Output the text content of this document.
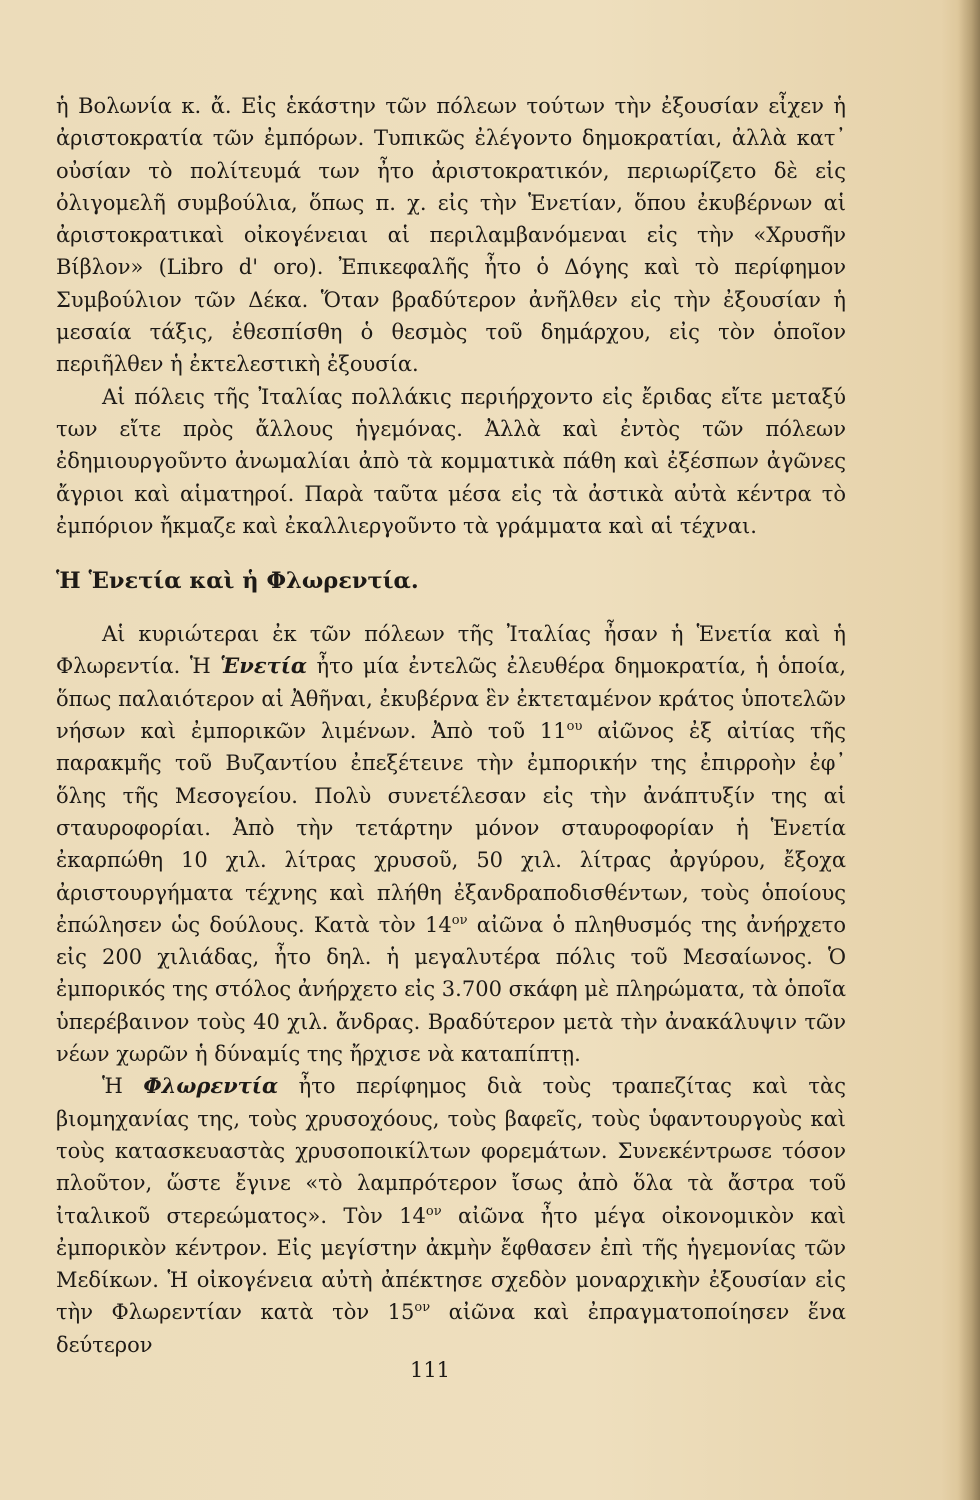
ἡ Βολωνία κ. ἄ. Εἰς ἑκάστην τῶν πόλεων τούτων τὴν ἐξουσίαν εἶχεν ἡ ἀριστοκρατία τῶν ἐμπόρων. Τυπικῶς ἐλέγοντο δημοκρατίαι, ἀλλὰ κατ᾽ οὐσίαν τὸ πολίτευμά των ἦτο ἀριστοκρατικόν, περιωρίζετο δὲ εἰς ὀλιγομελῆ συμβούλια, ὅπως π. χ. εἰς τὴν Ἑνετίαν, ὅπου ἐκυβέρνων αἱ ἀριστοκρατικαὶ οἰκογένειαι αἱ περιλαμβανόμεναι εἰς τὴν «Χρυσῆν Βίβλον» (Libro d' oro). Ἐπικεφαλῆς ἦτο ὁ Δόγης καὶ τὸ περίφημον Συμβούλιον τῶν Δέκα. Ὅταν βραδύτερον ἀνῆλθεν εἰς τὴν ἐξουσίαν ἡ μεσαία τάξις, ἐθεσπίσθη ὁ θεσμὸς τοῦ δημάρχου, εἰς τὸν ὁποῖον περιῆλθεν ἡ ἐκτελεστικὴ ἐξουσία.

Αἱ πόλεις τῆς Ἰταλίας πολλάκις περιήρχοντο εἰς ἔριδας εἴτε μεταξύ των εἴτε πρὸς ἄλλους ἡγεμόνας. Ἀλλὰ καὶ ἐντὸς τῶν πόλεων ἐδημιουργοῦντο ἀνωμαλίαι ἀπὸ τὰ κομματικὰ πάθη καὶ ἐξέσπων ἀγῶνες ἄγριοι καὶ αἱματηροί. Παρὰ ταῦτα μέσα εἰς τὰ ἀστικὰ αὐτὰ κέντρα τὸ ἐμπόριον ἤκμαζε καὶ ἐκαλλιεργοῦντο τὰ γράμματα καὶ αἱ τέχναι.

Ἡ Ἑνετία καὶ ἡ Φλωρεντία.

Αἱ κυριώτεραι ἐκ τῶν πόλεων τῆς Ἰταλίας ἦσαν ἡ Ἑνετία καὶ ἡ Φλωρεντία. Ἡ Ἑνετία ἦτο μία ἐντελῶς ἐλευθέρα δημοκρατία, ἡ ὁποία, ὅπως παλαιότερον αἱ Ἀθῆναι, ἐκυβέρνα ἓν ἐκτεταμένον κράτος ὑποτελῶν νήσων καὶ ἐμπορικῶν λιμένων. Ἀπὸ τοῦ $11^{o\upsilon}$ αἰῶνος ἐξ αἰτίας τῆς παρακμῆς τοῦ Βυζαντίου ἐπεξέτεινε τὴν ἐμπορικήν της ἐπιρροὴν ἐφ᾽ ὅλης τῆς Μεσογείου. Πολὺ συνετέλεσαν εἰς τὴν ἀνάπτυξίν της αἱ σταυροφορίαι. Ἀπὸ τὴν τετάρτην μόνον σταυροφορίαν ἡ Ἑνετία ἐκαρπώθη 10 χιλ. λίτρας χρυσοῦ, 50 χιλ. λίτρας ἀργύρου, ἔξοχα ἀριστουργήματα τέχνης καὶ πλήθη ἐξανδραποδισθέντων, τοὺς ὁποίους ἐπώλησεν ὡς δούλους. Κατὰ τὸν $14^{o\nu}$ αἰῶνα ὁ πληθυσμός της ἀνήρχετο εἰς 200 χιλιάδας, ἦτο δηλ. ἡ μεγαλυτέρα πόλις τοῦ Μεσαίωνος. Ὁ ἐμπορικός της στόλος ἀνήρχετο εἰς 3.700 σκάφη μὲ πληρώματα, τὰ ὁποῖα ὑπερέβαινον τοὺς 40 χιλ. ἄνδρας. Βραδύτερον μετὰ τὴν ἀνακάλυψιν τῶν νέων χωρῶν ἡ δύναμίς της ἤρχισε νὰ καταπίπτῃ.

Ἡ Φλωρεντία ἦτο περίφημος διὰ τοὺς τραπεζίτας καὶ τὰς βιομηχανίας της, τοὺς χρυσοχόους, τοὺς βαφεῖς, τοὺς ὑφαντουργοὺς καὶ τοὺς κατασκευαστὰς χρυσοποικίλτων φορεμάτων. Συνεκέντρωσε τόσον πλοῦτον, ὥστε ἔγινε «τὸ λαμπρότερον ἴσως ἀπὸ ὅλα τὰ ἄστρα τοῦ ἰταλικοῦ στερεώματος». Τὸν $14^{o\nu}$ αἰῶνα ἦτο μέγα οἰκονομικὸν καὶ ἐμπορικὸν κέντρον. Εἰς μεγίστην ἀκμὴν ἔφθασεν ἐπὶ τῆς ἡγεμονίας τῶν Μεδίκων. Ἡ οἰκογένεια αὐτὴ ἀπέκτησε σχεδὸν μοναρχικὴν ἐξουσίαν εἰς τὴν Φλωρεντίαν κατὰ τὸν $15^{o\nu}$ αἰῶνα καὶ ἐπραγματοποίησεν ἕνα δεύτερον

111
